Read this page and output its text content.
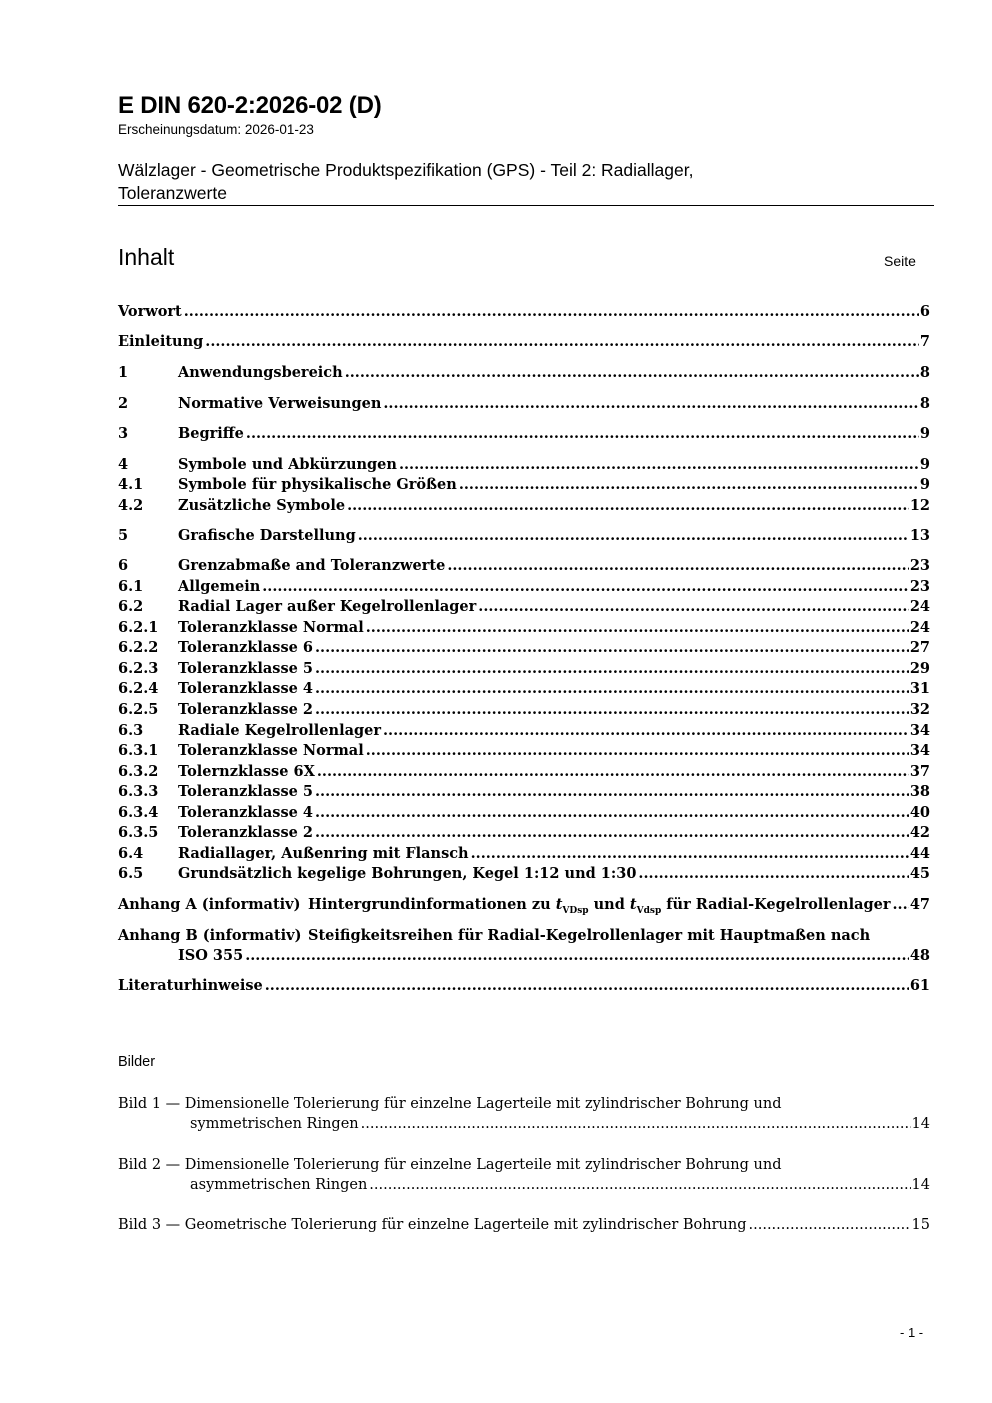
E DIN 620-2:2026-02 (D)
Erscheinungsdatum: 2026-01-23
Wälzlager - Geometrische Produktspezifikation (GPS) - Teil 2: Radiallager,
Toleranzwerte
Inhalt	Seite
Vorwort .....	6
Einleitung .....	7
1	Anwendungsbereich .....	8
2	Normative Verweisungen .....	8
3	Begriffe .....	9
4	Symbole und Abkürzungen .....	9
4.1	Symbole für physikalische Größen .....	9
4.2	Zusätzliche Symbole .....	12
5	Grafische Darstellung .....	13
6	Grenzabmaße and Toleranzwerte .....	23
6.1	Allgemein .....	23
6.2	Radial Lager außer Kegelrollenlager .....	24
6.2.1	Toleranzklasse Normal .....	24
6.2.2	Toleranzklasse 6 .....	27
6.2.3	Toleranzklasse 5 .....	29
6.2.4	Toleranzklasse 4 .....	31
6.2.5	Toleranzklasse 2 .....	32
6.3	Radiale Kegelrollenlager .....	34
6.3.1	Toleranzklasse Normal .....	34
6.3.2	Tolernzklasse 6X .....	37
6.3.3	Toleranzklasse 5 .....	38
6.3.4	Toleranzklasse 4 .....	40
6.3.5	Toleranzklasse 2 .....	42
6.4	Radiallager, Außenring mit Flansch .....	44
6.5	Grundsätzlich kegelige Bohrungen, Kegel 1:12 und 1:30 .....	45
Anhang A (informativ) Hintergrundinformationen zu $t_{VDsp}$ und $t_{Vdsp}$ für Radial-Kegelrollenlager ..... 47
Anhang B (informativ) Steifigkeitsreihen für Radial-Kegelrollenlager mit Hauptmaßen nach
ISO 355 .....	48
Literaturhinweise .....	61
Bilder
Bild 1 — Dimensionelle Tolerierung für einzelne Lagerteile mit zylindrischer Bohrung und
symmetrischen Ringen .....	14
Bild 2 — Dimensionelle Tolerierung für einzelne Lagerteile mit zylindrischer Bohrung und
asymmetrischen Ringen .....	14
Bild 3 — Geometrische Tolerierung für einzelne Lagerteile mit zylindrischer Bohrung .....	15
- 1 -
